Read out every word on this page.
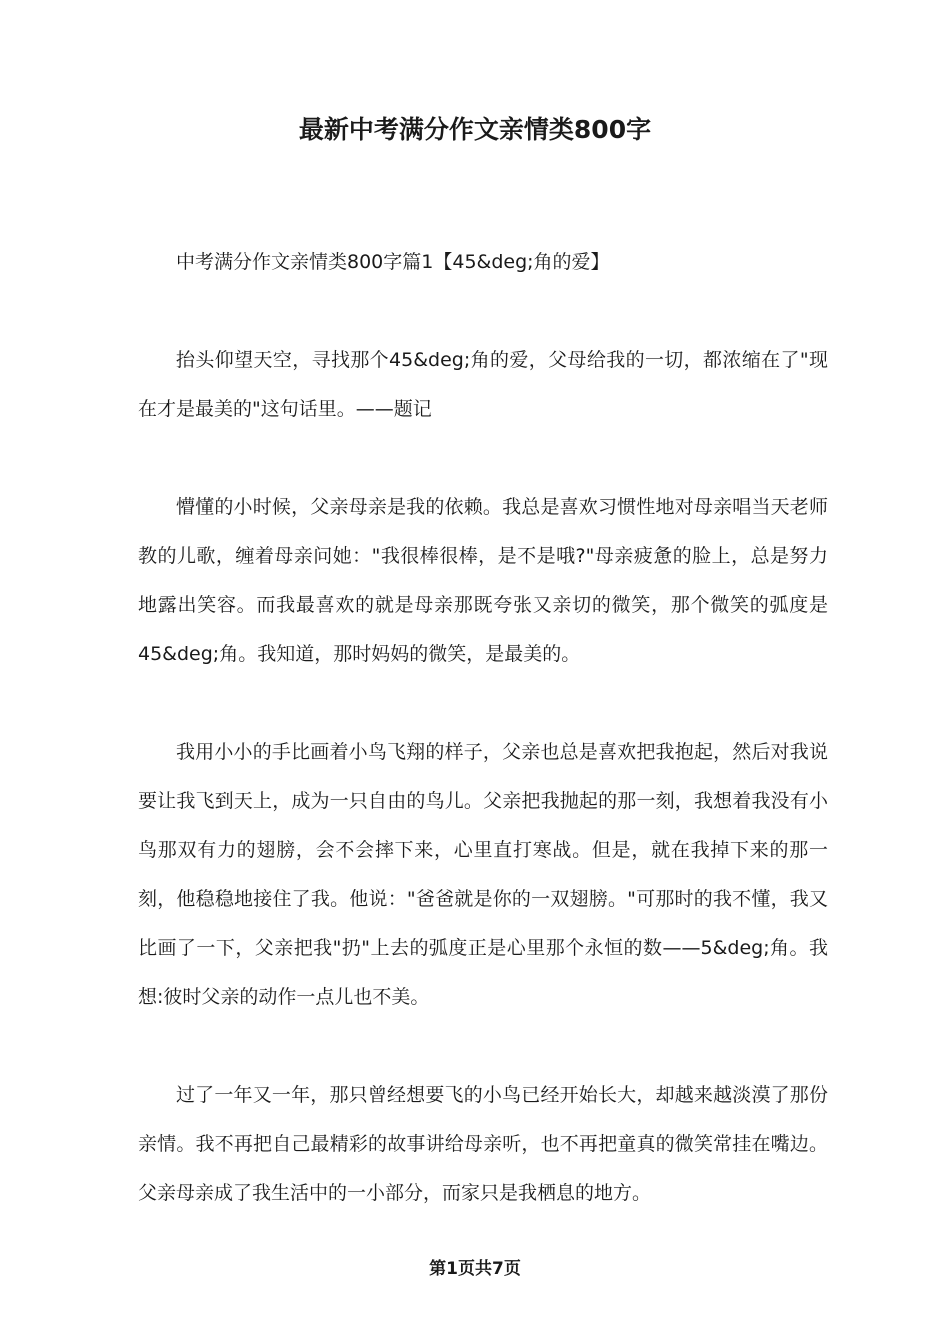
最新中考满分作文亲情类800字

中考满分作文亲情类800字篇1【45&deg;角的爱】

抬头仰望天空，寻找那个45&deg;角的爱，父母给我的一切，都浓缩在了"现在才是最美的"这句话里。——题记

懵懂的小时候，父亲母亲是我的依赖。我总是喜欢习惯性地对母亲唱当天老师教的儿歌，缠着母亲问她："我很棒很棒，是不是哦?"母亲疲惫的脸上，总是努力地露出笑容。而我最喜欢的就是母亲那既夸张又亲切的微笑，那个微笑的弧度是45&deg;角。我知道，那时妈妈的微笑，是最美的。

我用小小的手比画着小鸟飞翔的样子，父亲也总是喜欢把我抱起，然后对我说要让我飞到天上，成为一只自由的鸟儿。父亲把我抛起的那一刻，我想着我没有小鸟那双有力的翅膀，会不会摔下来，心里直打寒战。但是，就在我掉下来的那一刻，他稳稳地接住了我。他说："爸爸就是你的一双翅膀。"可那时的我不懂，我又比画了一下，父亲把我"扔"上去的弧度正是心里那个永恒的数——5&deg;角。我想:彼时父亲的动作一点儿也不美。

过了一年又一年，那只曾经想要飞的小鸟已经开始长大，却越来越淡漠了那份亲情。我不再把自己最精彩的故事讲给母亲听，也不再把童真的微笑常挂在嘴边。父亲母亲成了我生活中的一小部分，而家只是我栖息的地方。

第1页共7页
